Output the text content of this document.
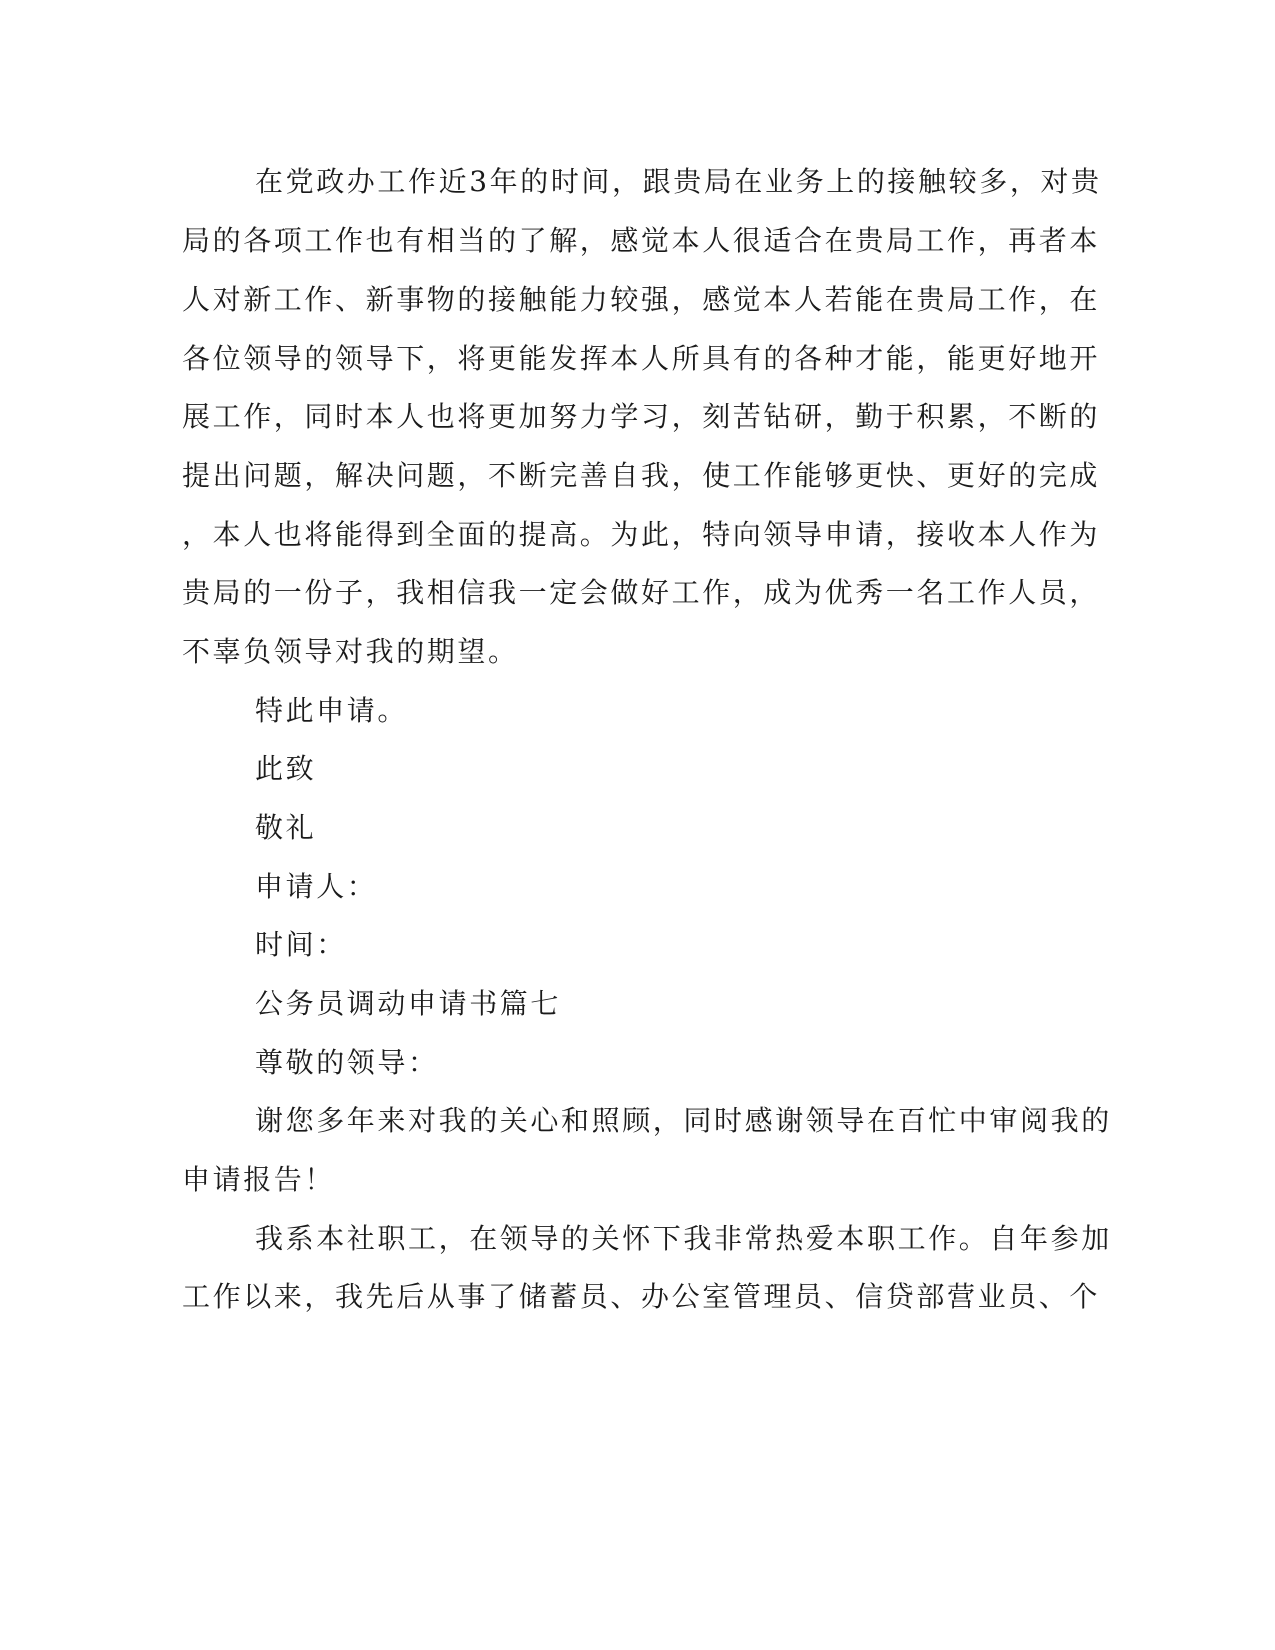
在党政办工作近3年的时间，跟贵局在业务上的接触较多，对贵
局的各项工作也有相当的了解，感觉本人很适合在贵局工作，再者本
人对新工作、新事物的接触能力较强，感觉本人若能在贵局工作，在
各位领导的领导下，将更能发挥本人所具有的各种才能，能更好地开
展工作，同时本人也将更加努力学习，刻苦钻研，勤于积累，不断的
提出问题，解决问题，不断完善自我，使工作能够更快、更好的完成
，本人也将能得到全面的提高。为此，特向领导申请，接收本人作为
贵局的一份子，我相信我一定会做好工作，成为优秀一名工作人员，
不辜负领导对我的期望。
特此申请。
此致
敬礼
申请人：
时间：
公务员调动申请书篇七
尊敬的领导：
谢您多年来对我的关心和照顾，同时感谢领导在百忙中审阅我的
申请报告！
我系本社职工，在领导的关怀下我非常热爱本职工作。自年参加
工作以来，我先后从事了储蓄员、办公室管理员、信贷部营业员、个
